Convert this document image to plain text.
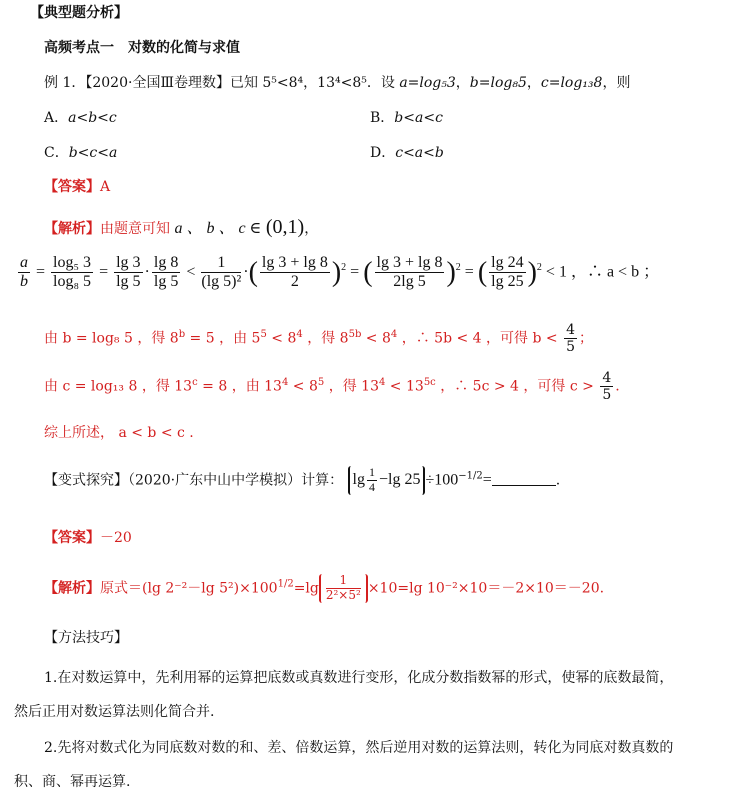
【典型题分析】
高频考点一　对数的化简与求值
例 1．【2020·全国Ⅲ卷理数】已知 5⁵<8⁴，13⁴<8⁵．设 a=log₅3，b=log₈5，c=log₁₃8，则
A．a<b<c	B．b<a<c
C．b<c<a	D．c<a<b
【答案】A
【解析】由题意可知 a 、 b 、 c ∈ (0,1)，
$\frac{a}{b} = \frac{\text{log₅ 3}}{\text{log₈ 5}} = \frac{\lg 3}{\lg 5} \cdot \frac{\lg 8}{\lg 5} < \frac{1}{\text{(lg 5)²}}$ ·( $\frac{\lg 3 + \lg 8}{2} )^2$ = ( $\frac{\lg 3 + \lg 8}{2\lg 5} )^2$ = ( $\frac{\lg 24}{\lg 25} )^2 < 1$ ，∴ a < b ；
由 b = log₈ 5 ，得 $8^b = 5$ ，由 $5^5 < 8^4$ ，得 $8^{5b} < 8^4$ ，∴ 5b < 4 ，可得 $b < \frac{4}{5}$ ；
由 c = log₁₃ 8 ，得 $13^c = 8$ ，由 $13^4 < 8^5$ ，得 $13^4 < 13^{5c}$ ，∴ 5c > 4 ，可得 $c > \frac{4}{5}$ .
综上所述， a < b < c .
【变式探究】（2020·广东中山中学模拟）计算： $\lg \frac{1}{4} -\lg$ $25 \div 100^{-1/2}=$	.
【答案】－20
【解析】原式＝(lg 2⁻²－lg $5^2)\times 100^{1/2}=\lg \frac{1}{\text{2²×5²}} \times 10=\lg$ 10⁻²×10＝－2×10＝－20.
【方法技巧】
1.在对数运算中，先利用幂的运算把底数或真数进行变形，化成分数指数幂的形式，使幂的底数最简，
然后正用对数运算法则化简合并.
2.先将对数式化为同底数对数的和、差、倍数运算，然后逆用对数的运算法则，转化为同底对数真数的
积、商、幂再运算.
